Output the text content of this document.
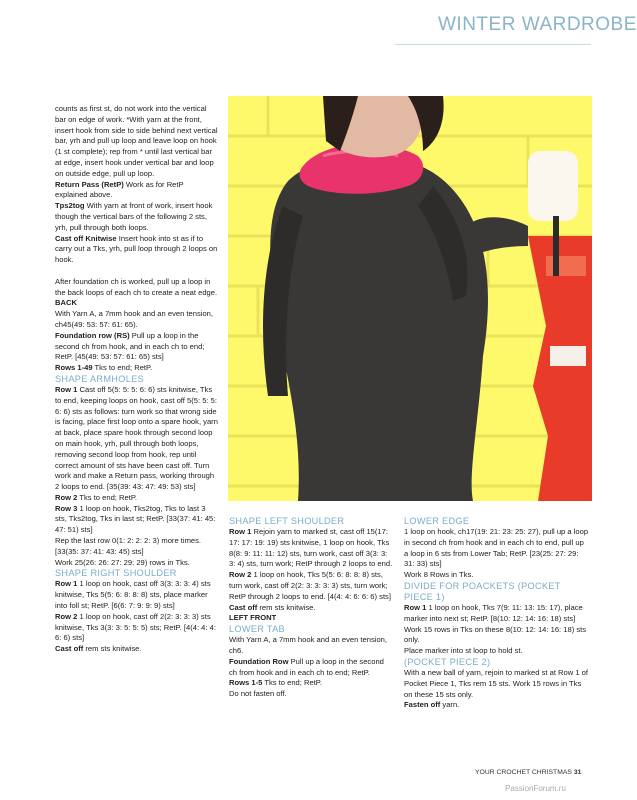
WINTER WARDROBE

counts as first st, do not work into the vertical bar on edge of work. *With yarn at the front, insert hook from side to side behind next vertical bar, yrh and pull up loop and leave loop on hook (1 st complete); rep from * until last vertical bar at edge, insert hook under vertical bar and loop on outside edge, pull up loop.

Return Pass (RetP) Work as for RetP explained above.

Tps2tog With yarn at front of work, insert hook though the vertical bars of the following 2 sts, yrh, pull through both loops.

Cast off Knitwise Insert hook into st as if to carry out a Tks, yrh, pull loop through 2 loops on hook.

After foundation ch is worked, pull up a loop in the back loops of each ch to create a neat edge.

BACK

With Yarn A, a 7mm hook and an even tension, ch45(49: 53: 57: 61: 65).

Foundation row (RS) Pull up a loop in the second ch from hook, and in each ch to end; RetP. [45(49: 53: 57: 61: 65) sts]

Rows 1-49 Tks to end; RetP.

SHAPE ARMHOLES

Row 1 Cast off 5(5: 5: 5: 6: 6) sts knitwise, Tks to end, keeping loops on hook, cast off 5(5: 5: 5: 6: 6) sts as follows: turn work so that wrong side is facing, place first loop onto a spare hook, yarn at back, place spare hook through second loop on main hook, yrh, pull through both loops, removing second loop from hook, rep until correct amount of sts have been cast off. Turn work and make a Return pass, working through 2 loops to end. [35(39: 43: 47: 49: 53) sts]

Row 2 Tks to end; RetP.

Row 3 1 loop on hook, Tks2tog, Tks to last 3 sts, Tks2tog, Tks in last st; RetP. [33(37: 41: 45: 47: 51) sts]

Rep the last row 0(1: 2: 2: 2: 3) more times. [33(35: 37: 41: 43: 45) sts]

Work 25(26: 26: 27: 29: 29) rows in Tks.

SHAPE RIGHT SHOULDER

Row 1 1 loop on hook, cast off 3(3: 3: 3: 4) sts knitwise, Tks 5(5: 6: 8: 8: 8) sts, place marker into foll st; RetP. [6(6: 7: 9: 9: 9) sts]

Row 2 1 loop on hook, cast off 2(2: 3: 3: 3) sts knitwise, Tks 3(3: 3: 5: 5: 5) sts; RetP. [4(4: 4: 4: 6: 6) sts]

Cast off rem sts knitwise.

SHAPE LEFT SHOULDER

Row 1 Rejoin yarn to marked st, cast off 15(17: 17: 17: 19: 19) sts knitwise, 1 loop on hook, Tks 8(8: 9: 11: 11: 12) sts, turn work, cast off 3(3: 3: 3: 4) sts, turn work; RetP through 2 loops to end.

Row 2 1 loop on hook, Tks 5(5: 6: 8: 8: 8) sts, turn work, cast off 2(2: 3: 3: 3: 3) sts, turn work; RetP through 2 loops to end. [4(4: 4: 6: 6: 6) sts]

Cast off rem sts knitwise.

LEFT FRONT

LOWER TAB

With Yarn A, a 7mm hook and an even tension, ch6.

Foundation Row Pull up a loop in the second ch from hook and in each ch to end; RetP.

Rows 1-5 Tks to end; RetP.

Do not fasten off.

LOWER EDGE

1 loop on hook, ch17(19: 21: 23: 25: 27), pull up a loop in second ch from hook and in each ch to end, pull up a loop in 6 sts from Lower Tab; RetP. [23(25: 27: 29: 31: 33) sts]

Work 8 Rows in Tks.

DIVIDE FOR POACKETS (POCKET PIECE 1)

Row 1 1 loop on hook, Tks 7(9: 11: 13: 15: 17), place marker into next st; RetP. [8(10: 12: 14: 16: 18) sts]

Work 15 rows in Tks on these 8(10: 12: 14: 16: 18) sts only.

Place marker into st loop to hold st.

(POCKET PIECE 2)

With a new ball of yarn, rejoin to marked st at Row 1 of Pocket Piece 1, Tks rem 15 sts. Work 15 rows in Tks on these 15 sts only.

Fasten off yarn.

YOUR CROCHET CHRISTMAS 31
PassionForum.ru
